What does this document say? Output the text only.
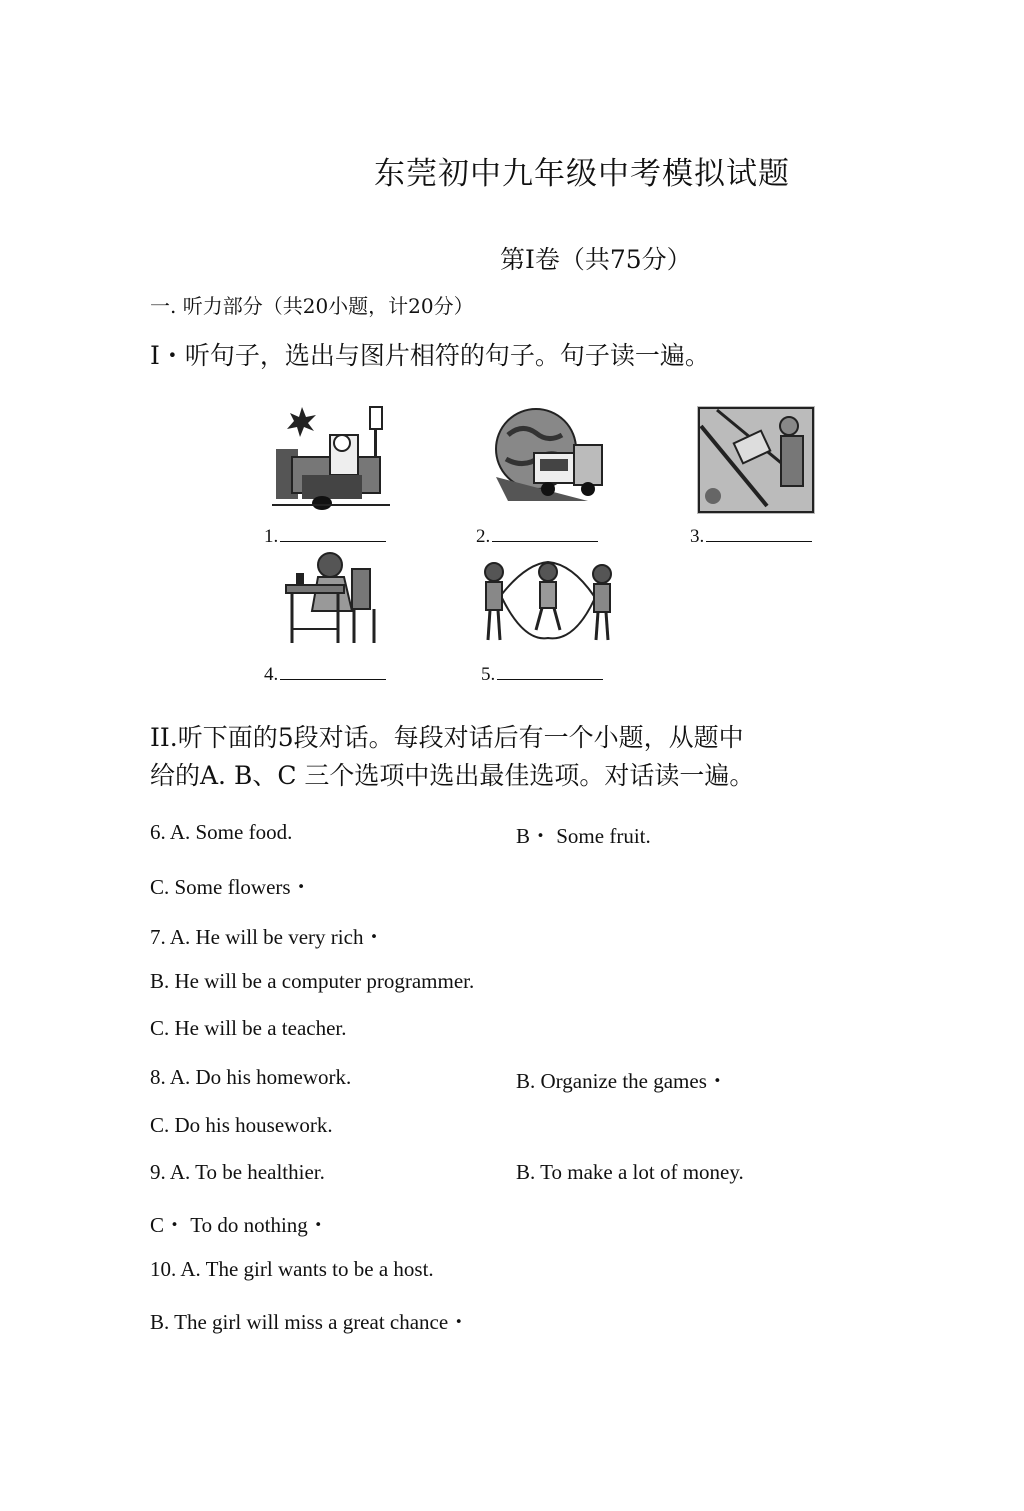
东莞初中九年级中考模拟试题
第Ⅰ卷（共75分）
一. 听力部分（共20小题，计20分）
I・听句子，选出与图片相符的句子。句子读一遍。
1.	2.	3.
4.	5.
II.听下面的5段对话。每段对话后有一个小题，从题中
给的A. B、C 三个选项中选出最佳选项。对话读一遍。
6. A. Some food.	B・ Some fruit.
C. Some flowers・
7. A. He will be very rich・
B. He will be a computer programmer.
C. He will be a teacher.
8. A. Do his homework.	B. Organize the games・
C. Do his housework.
9. A. To be healthier.	B. To make a lot of money.
C・ To do nothing・
10. A. The girl wants to be a host.
B. The girl will miss a great chance・
